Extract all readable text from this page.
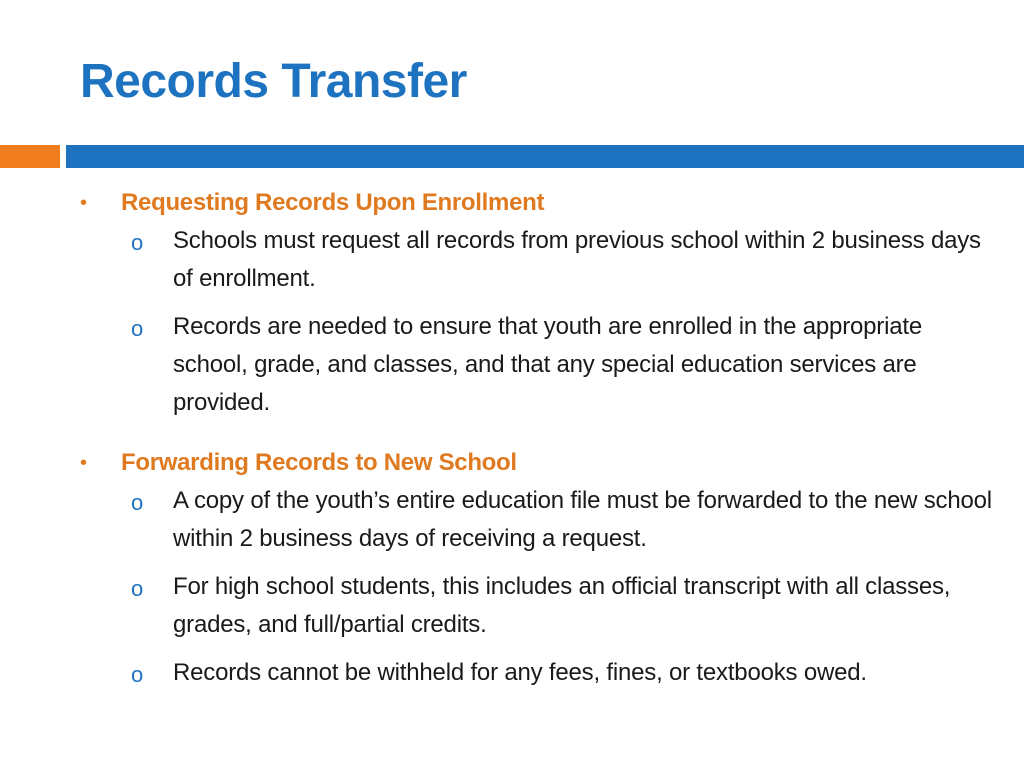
Records Transfer
• Requesting Records Upon Enrollment
o Schools must request all records from previous school within 2 business days of enrollment.
o Records are needed to ensure that youth are enrolled in the appropriate school, grade, and classes, and that any special education services are provided.
• Forwarding Records to New School
o A copy of the youth’s entire education file must be forwarded to the new school within 2 business days of receiving a request.
o For high school students, this includes an official transcript with all classes, grades, and full/partial credits.
o Records cannot be withheld for any fees, fines, or textbooks owed.
